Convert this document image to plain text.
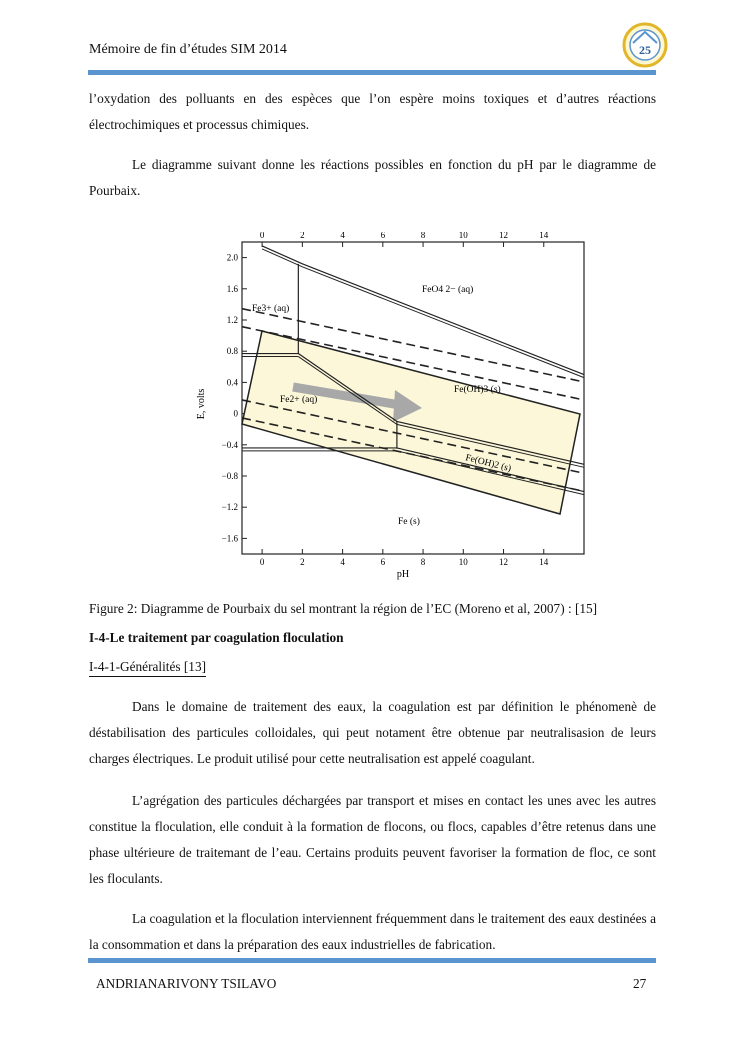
Mémoire de fin d’études SIM 2014	25
l’oxydation des polluants en des espèces que l’on espère moins toxiques et d’autres réactions électrochimiques et processus chimiques.
Le diagramme suivant donne les réactions possibles en fonction du pH par le diagramme de Pourbaix.
0
0
2
2
4
4
6
6
8
8
10
10
12
12
14
14
2.0
1.6
1.2
0.8
0.4
0
−0.4
−0.8
−1.2
−1.6
FeO4 2− (aq)
Fe3+ (aq)
Fe2+ (aq)
Fe(OH)3 (s)
Fe(OH)2 (s)
Fe (s)
pH
E, volts
Figure 2: Diagramme de Pourbaix du sel montrant la région de l’EC (Moreno et al, 2007) : [15]
I-4-Le traitement par coagulation floculation
I-4-1-Généralités [13]
Dans le domaine de traitement des eaux, la coagulation est par définition le phénomenè de déstabilisation des particules colloidales, qui peut notament être obtenue par neutralisasion de leurs charges électriques. Le produit utilisé pour cette neutralisation est appelé coagulant.
L’agrégation des particules déchargées par transport et mises en contact les unes avec les autres constitue la floculation, elle conduit à la formation de flocons, ou flocs, capables d’être retenus dans une phase ultérieure de traitemant de l’eau. Certains produits peuvent favoriser la formation de floc, ce sont les floculants.
La coagulation et la floculation interviennent fréquemment dans le traitement des eaux destinées a la consommation et dans la préparation des eaux industrielles de fabrication.
ANDRIANARIVONY TSILAVO	27
